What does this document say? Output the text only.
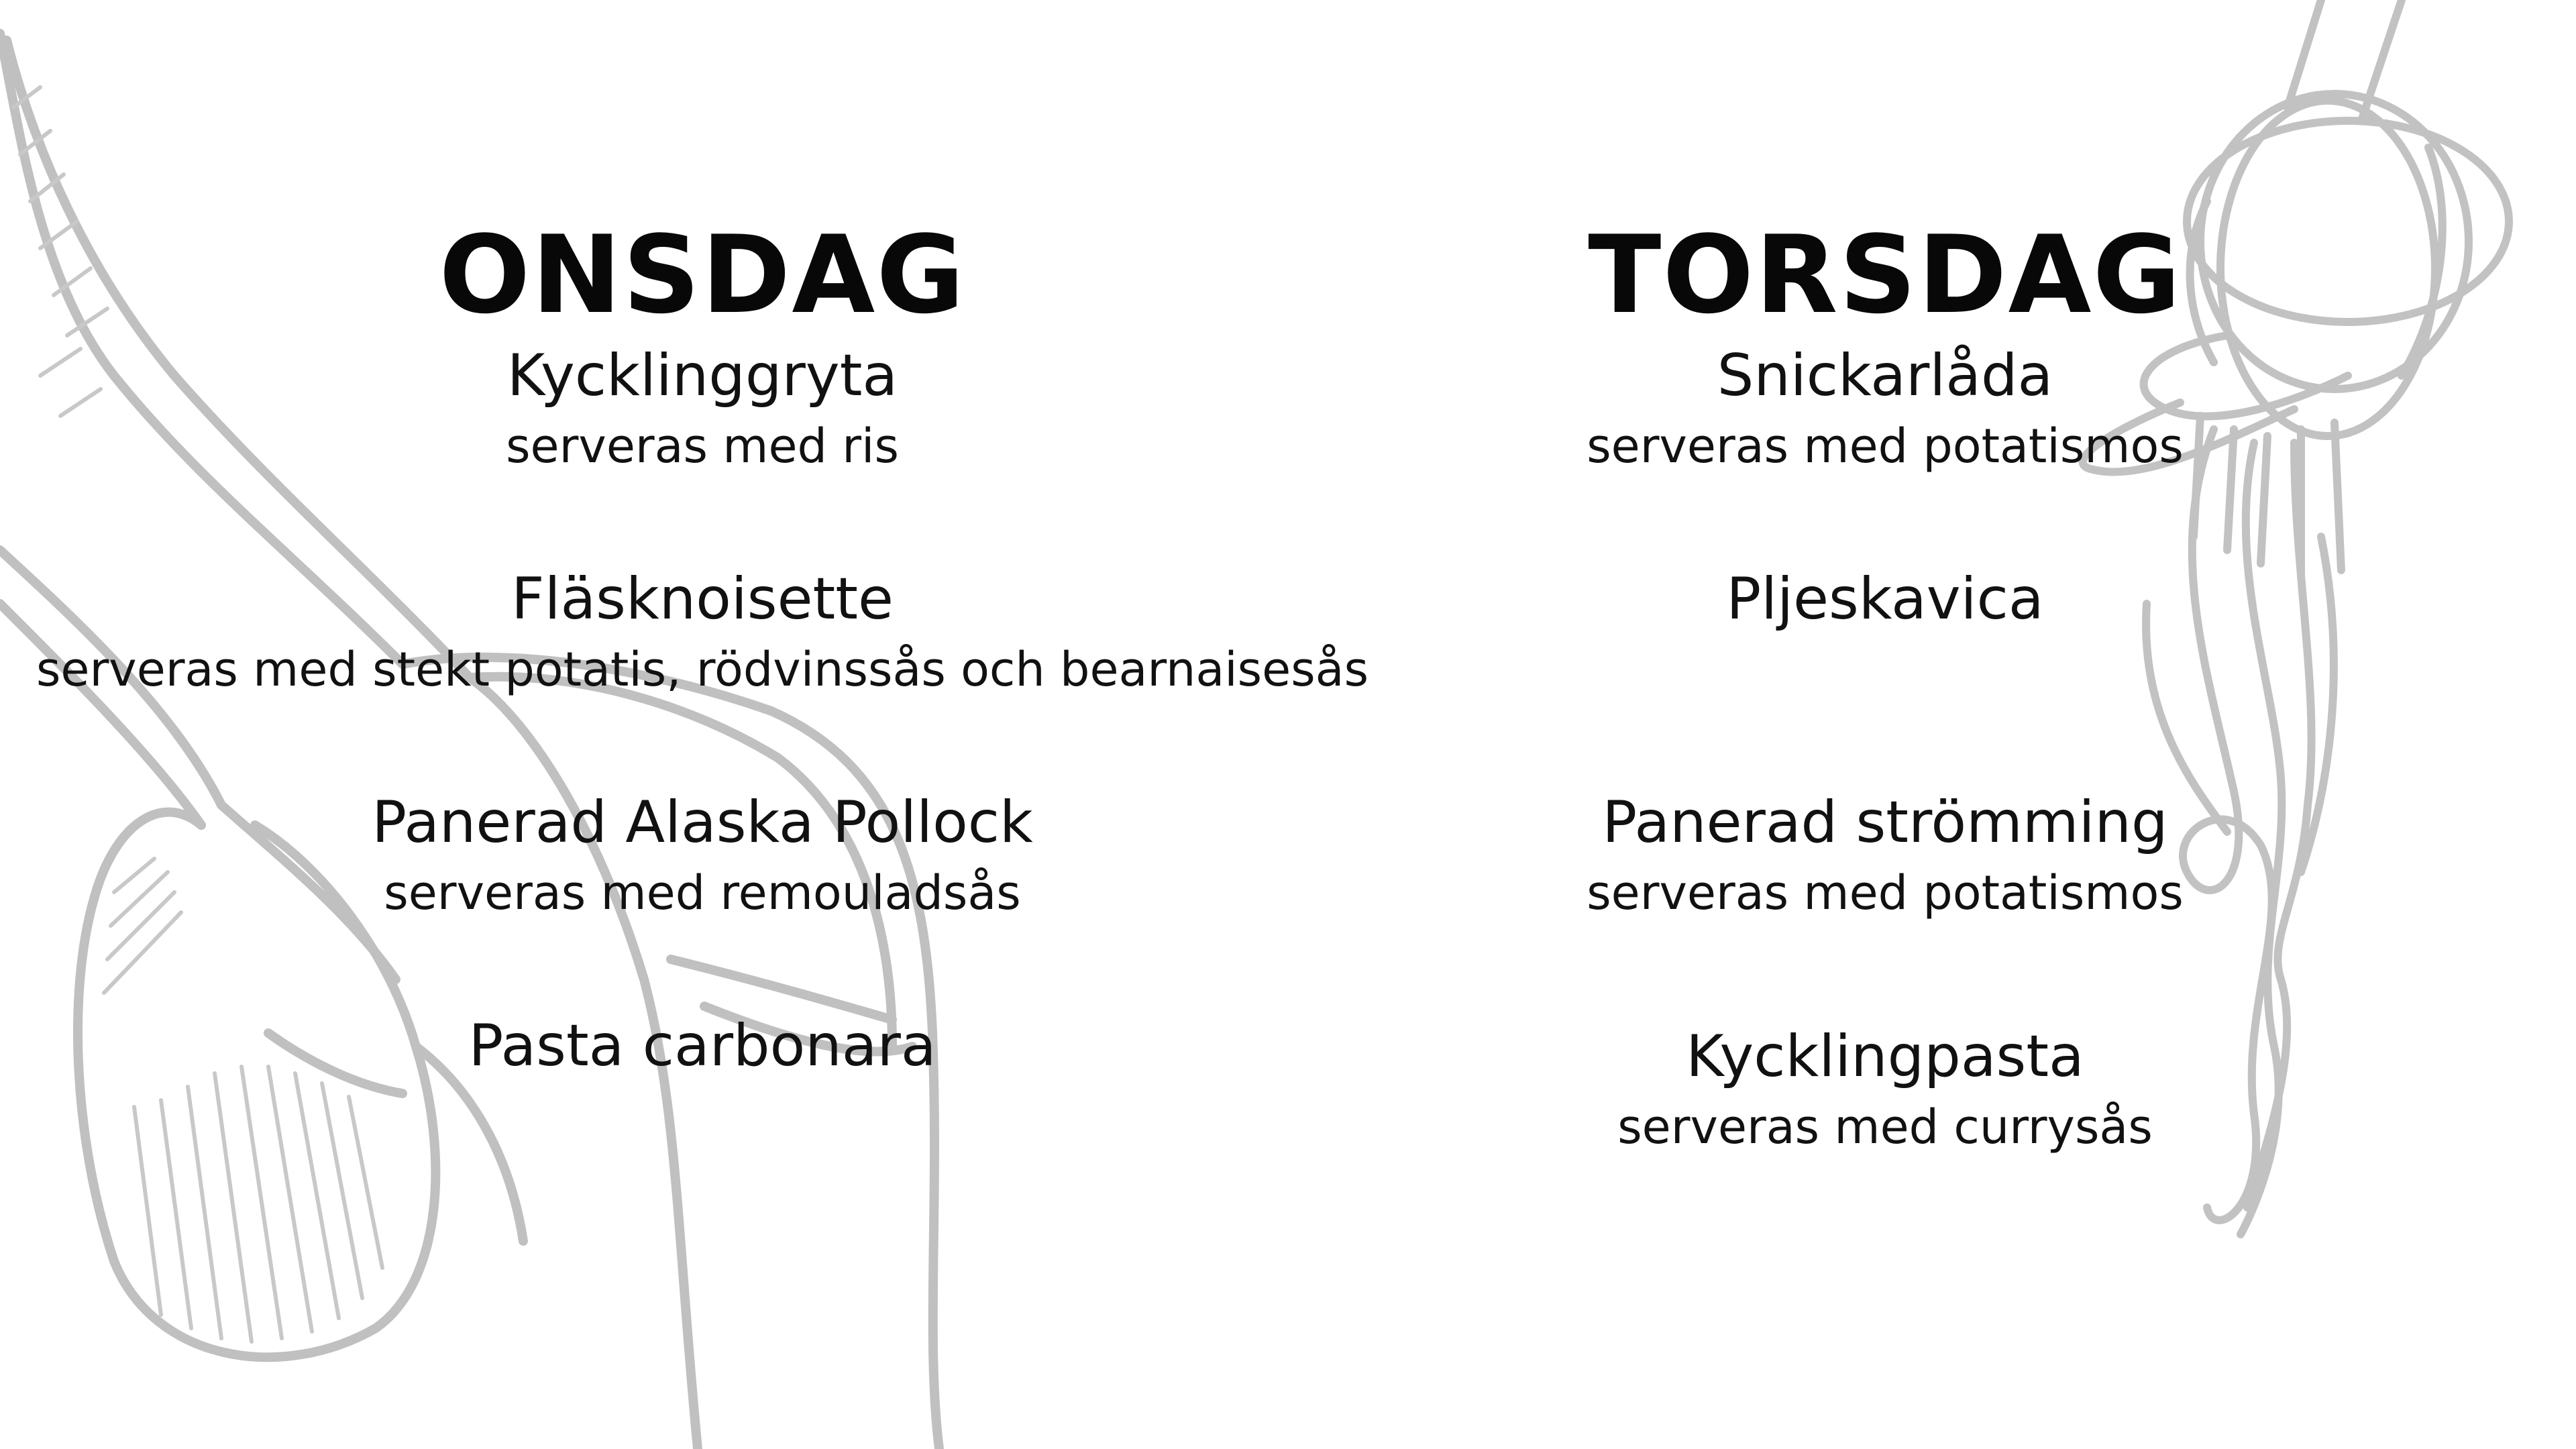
ONSDAG
Kycklinggryta
serveras med ris
Fläsknoisette
serveras med stekt potatis, rödvinssås och bearnaisesås
Panerad Alaska Pollock
serveras med remouladsås
Pasta carbonara
TORSDAG
Snickarlåda
serveras med potatismos
Pljeskavica
Panerad strömming
serveras med potatismos
Kycklingpasta
serveras med currysås
